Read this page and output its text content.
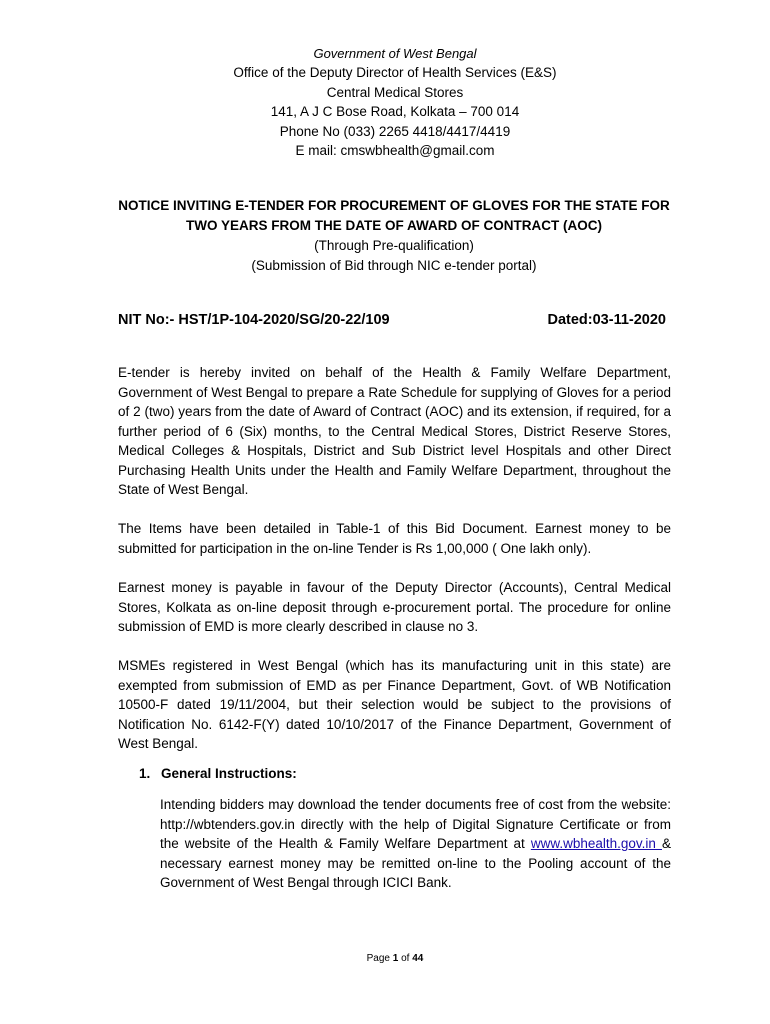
Government of West Bengal
Office of the Deputy Director of Health Services (E&S)
Central Medical Stores
141, A J C Bose Road, Kolkata – 700 014
Phone No (033) 2265 4418/4417/4419
E mail: cmswbhealth@gmail.com
NOTICE INVITING E-TENDER FOR PROCUREMENT OF GLOVES FOR THE STATE FOR
TWO YEARS FROM THE DATE OF AWARD OF CONTRACT (AOC)
(Through Pre-qualification)
(Submission of Bid through NIC e-tender portal)
NIT No:- HST/1P-104-2020/SG/20-22/109	Dated:03-11-2020
E-tender is hereby invited on behalf of the Health & Family Welfare Department, Government of West Bengal to prepare a Rate Schedule for supplying of Gloves for a period of 2 (two) years from the date of Award of Contract (AOC) and its extension, if required, for a further period of 6 (Six) months, to the Central Medical Stores, District Reserve Stores, Medical Colleges & Hospitals, District and Sub District level Hospitals and other Direct Purchasing Health Units under the Health and Family Welfare Department, throughout the State of West Bengal.
The Items have been detailed in Table-1 of this Bid Document. Earnest money to be submitted for participation in the on-line Tender is Rs 1,00,000 ( One lakh only).
Earnest money is payable in favour of the Deputy Director (Accounts), Central Medical Stores, Kolkata as on-line deposit through e-procurement portal. The procedure for online submission of EMD is more clearly described in clause no 3.
MSMEs registered in West Bengal (which has its manufacturing unit in this state) are exempted from submission of EMD as per Finance Department, Govt. of WB Notification 10500-F dated 19/11/2004, but their selection would be subject to the provisions of Notification No. 6142-F(Y) dated 10/10/2017 of the Finance Department, Government of West Bengal.
1. General Instructions:
Intending bidders may download the tender documents free of cost from the website: http://wbtenders.gov.in directly with the help of Digital Signature Certificate or from the website of the Health & Family Welfare Department at www.wbhealth.gov.in & necessary earnest money may be remitted on-line to the Pooling account of the Government of West Bengal through ICICI Bank.
Page 1 of 44
